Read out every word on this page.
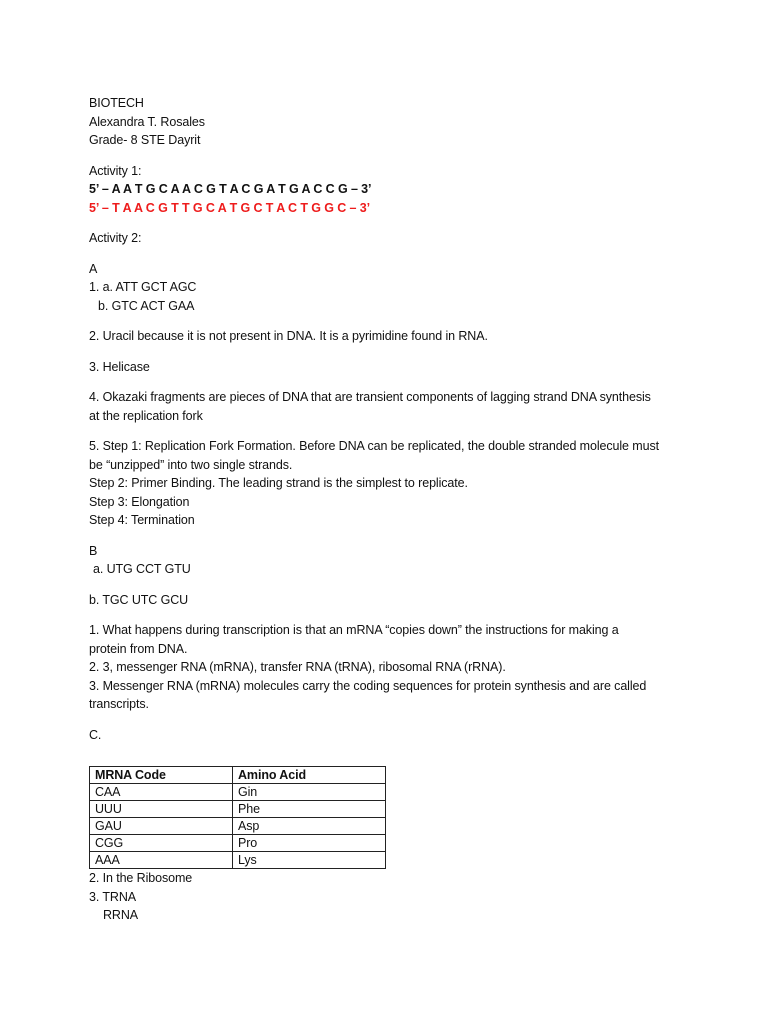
BIOTECH

Alexandra T. Rosales

Grade- 8 STE Dayrit

Activity 1:

5’ – A A T G C A A C G T A C G A T G A C C G – 3’

5’ – T A A C G T T G C A T G C T A C T G G C – 3’

Activity 2:

A

1. a. ATT GCT AGC

b. GTC ACT GAA

2. Uracil because it is not present in DNA. It is a pyrimidine found in RNA.

3. Helicase

4. Okazaki fragments are pieces of DNA that are transient components of lagging strand DNA synthesis

at the replication fork

5. Step 1: Replication Fork Formation. Before DNA can be replicated, the double stranded molecule must

be “unzipped” into two single strands.

Step 2: Primer Binding. The leading strand is the simplest to replicate.

Step 3: Elongation

Step 4: Termination

B

a. UTG CCT GTU

b. TGC UTC GCU

1. What happens during transcription is that an mRNA “copies down” the instructions for making a

protein from DNA.

2. 3, messenger RNA (mRNA), transfer RNA (tRNA), ribosomal RNA (rRNA).

3. Messenger RNA (mRNA) molecules carry the coding sequences for protein synthesis and are called

transcripts.

C.

MRNA Code	Amino Acid
CAA	Gin
UUU	Phe
GAU	Asp
CGG	Pro
AAA	Lys

2. In the Ribosome

3. TRNA

RRNA
